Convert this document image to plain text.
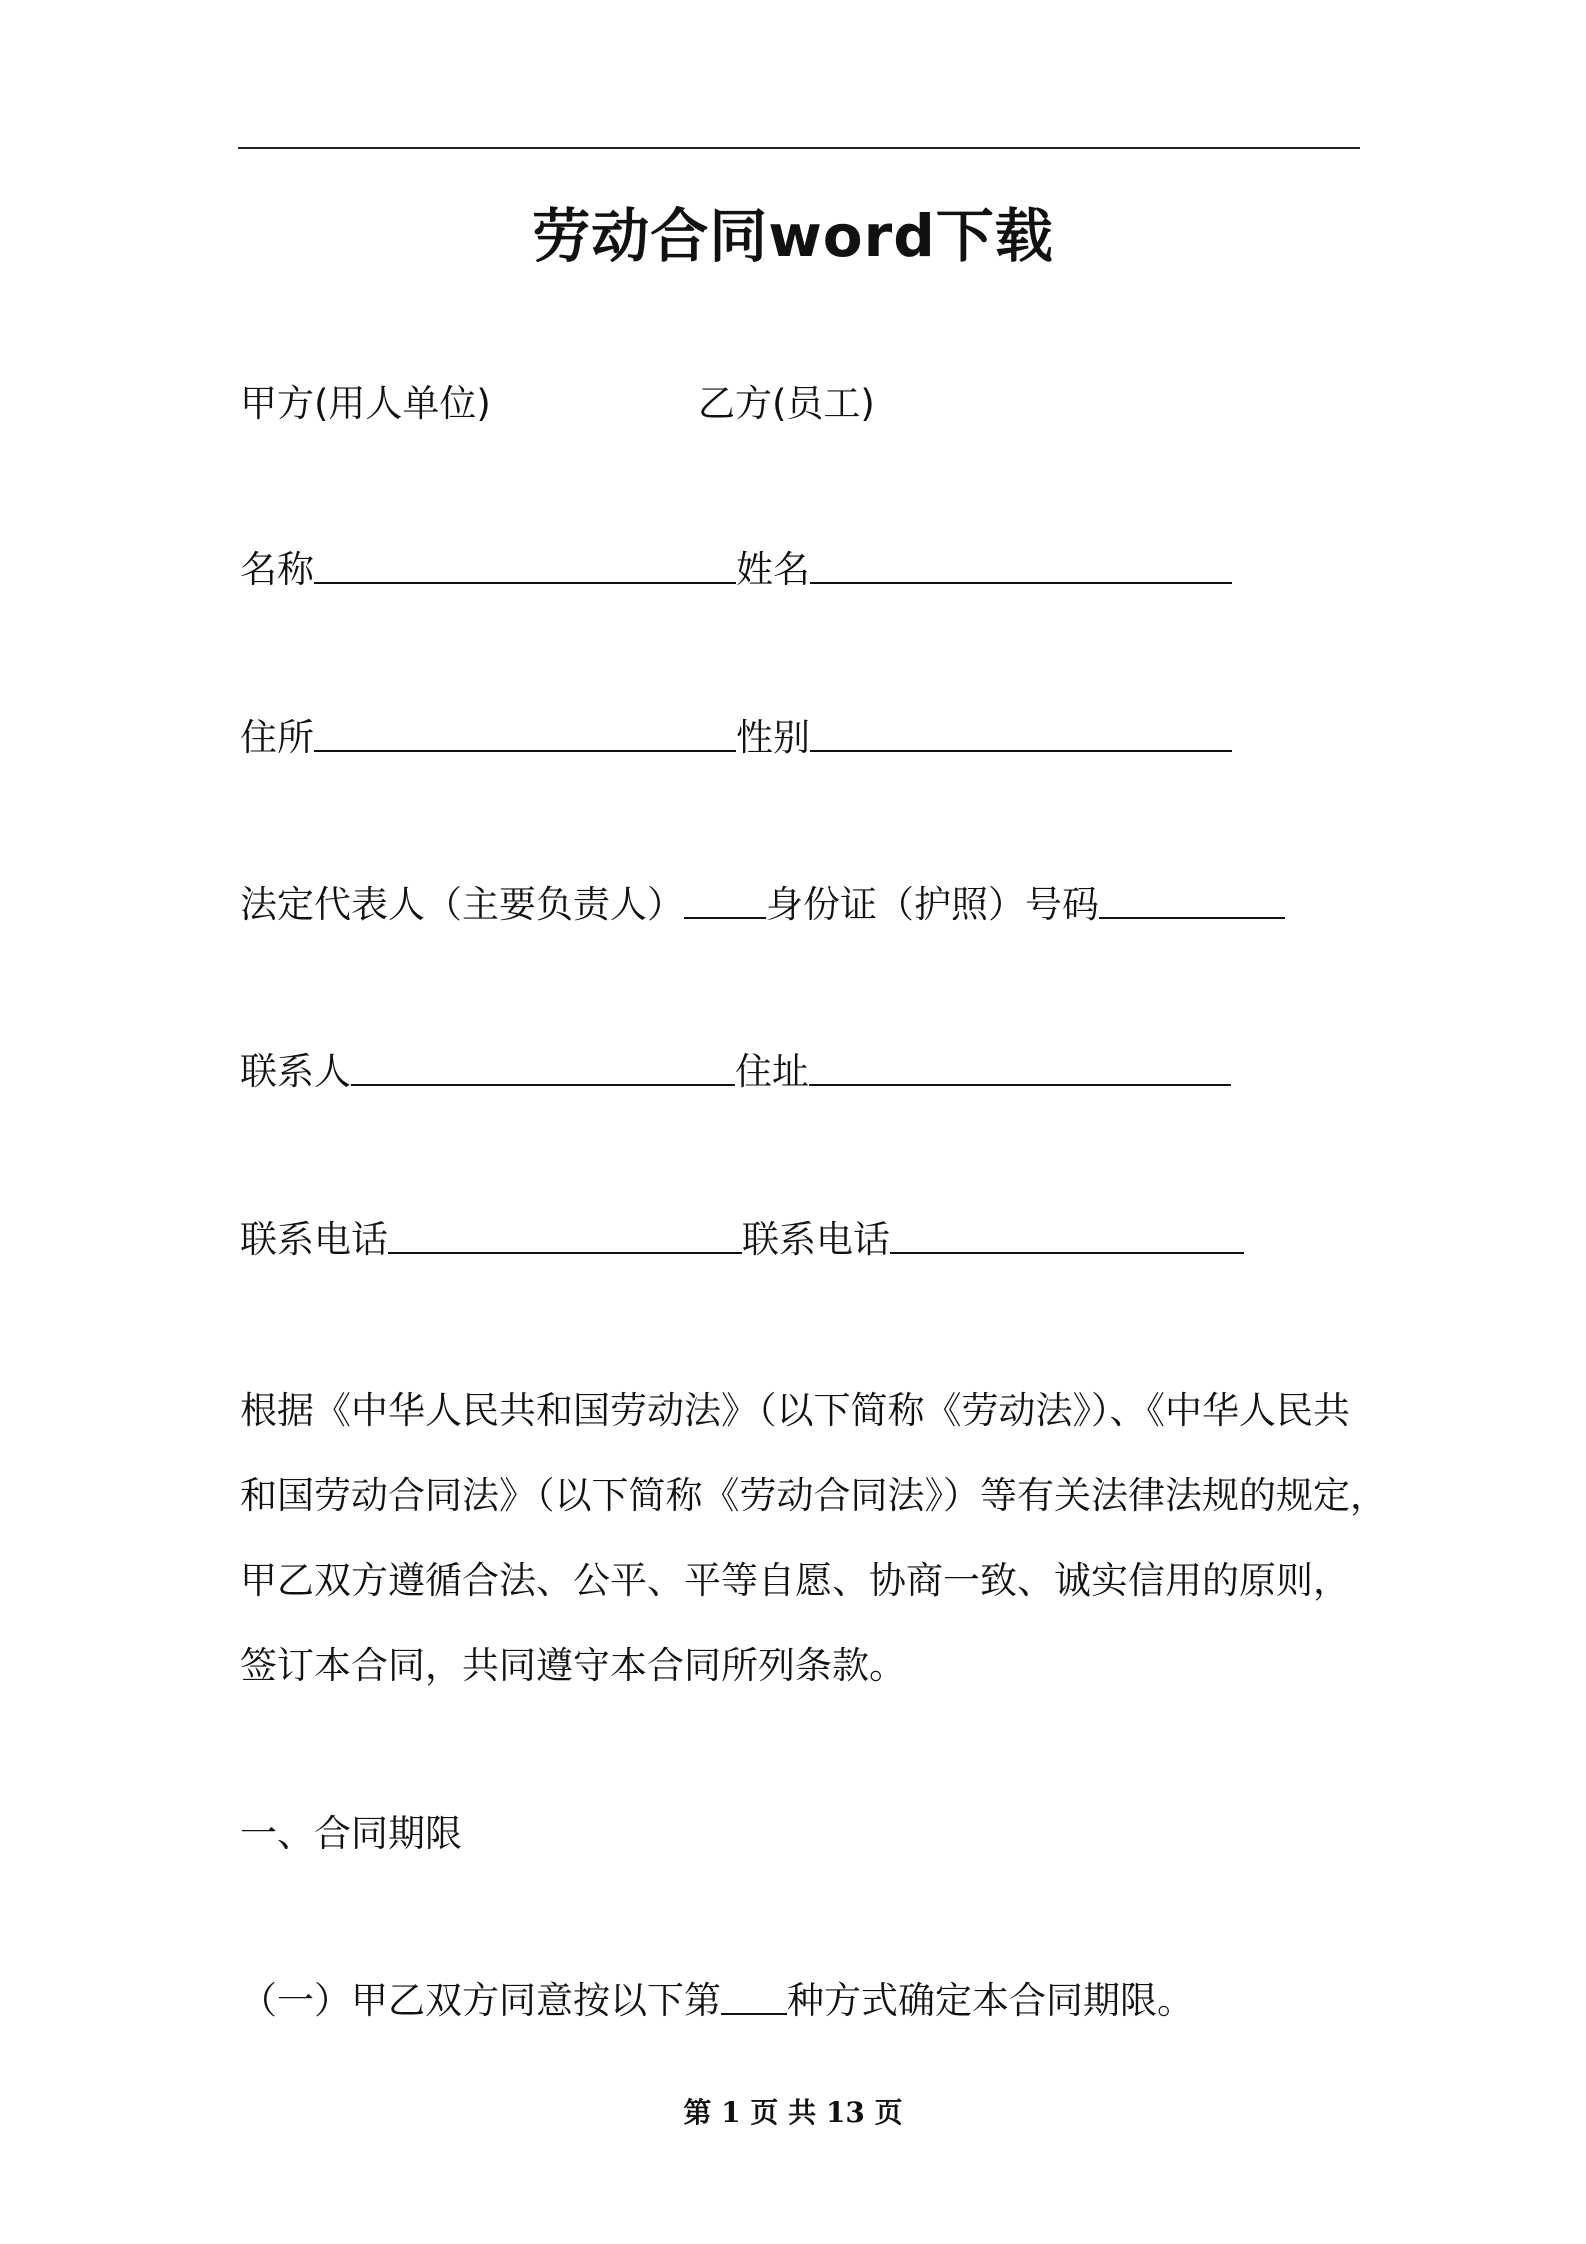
劳动合同word下载
甲方(用人单位)	乙方(员工)
名称	姓名
住所	性别
法定代表人（主要负责人） 身份证（护照）号码
联系人	住址
联系电话	联系电话
根据《中华人民共和国劳动法》（以下简称《劳动法》）、《中华人民共
和国劳动合同法》（以下简称《劳动合同法》）等有关法律法规的规定，
甲乙双方遵循合法、公平、平等自愿、协商一致、诚实信用的原则，
签订本合同，共同遵守本合同所列条款。
一、合同期限
（一）甲乙双方同意按以下第 种方式确定本合同期限。
第 1 页 共 13 页
